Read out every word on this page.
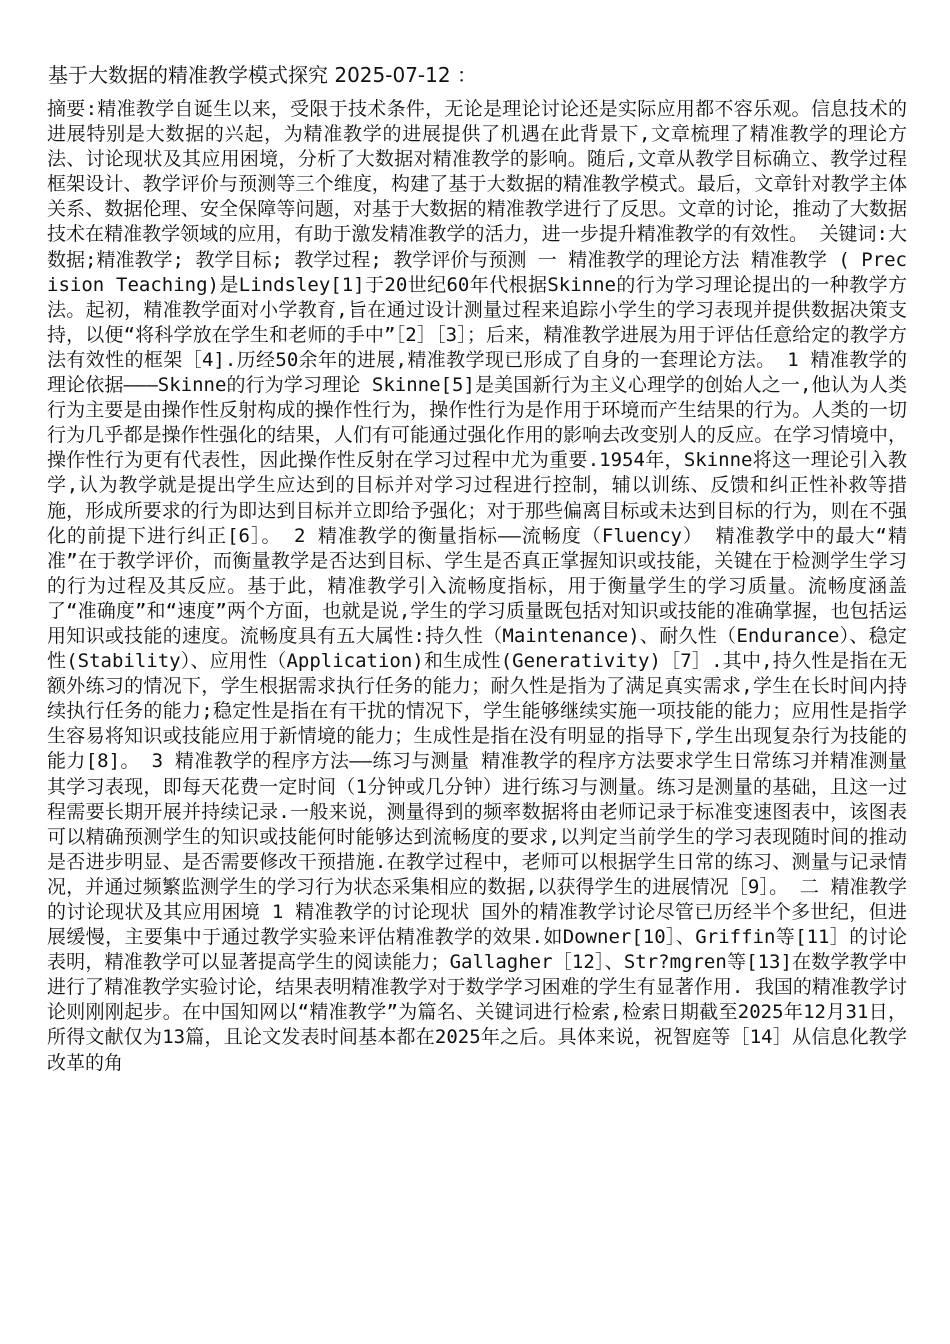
基于大数据的精准教学模式探究 2025-07-12 ：

摘要:精准教学自诞生以来，受限于技术条件，无论是理论讨论还是实际应用都不容乐观。信息技术的进展特别是大数据的兴起，为精准教学的进展提供了机遇在此背景下,文章梳理了精准教学的理论方法、讨论现状及其应用困境，分析了大数据对精准教学的影响。随后,文章从教学目标确立、教学过程框架设计、教学评价与预测等三个维度，构建了基于大数据的精准教学模式。最后，文章针对教学主体关系、数据伦理、安全保障等问题，对基于大数据的精准教学进行了反思。文章的讨论，推动了大数据技术在精准教学领域的应用，有助于激发精准教学的活力，进一步提升精准教学的有效性。 关键词:大数据;精准教学; 教学目标; 教学过程; 教学评价与预测 一 精准教学的理论方法 精准教学 ( Precision Teaching)是Lindsley[1]于20世纪60年代根据Skinne的行为学习理论提出的一种教学方法。起初，精准教学面对小学教育,旨在通过设计测量过程来追踪小学生的学习表现并提供数据决策支持，以便“将科学放在学生和老师的手中”［2］［3］；后来，精准教学进展为用于评估任意给定的教学方法有效性的框架［4].历经50余年的进展,精准教学现已形成了自身的一套理论方法。 1 精准教学的理论依据———Skinne的行为学习理论 Skinne[5]是美国新行为主义心理学的创始人之一,他认为人类行为主要是由操作性反射构成的操作性行为，操作性行为是作用于环境而产生结果的行为。人类的一切行为几乎都是操作性强化的结果，人们有可能通过强化作用的影响去改变别人的反应。在学习情境中，操作性行为更有代表性，因此操作性反射在学习过程中尤为重要.1954年，Skinne将这一理论引入教学,认为教学就是提出学生应达到的目标并对学习过程进行控制，辅以训练、反馈和纠正性补救等措施，形成所要求的行为即达到目标并立即给予强化；对于那些偏离目标或未达到目标的行为，则在不强化的前提下进行纠正[6］。 2 精准教学的衡量指标——流畅度（Fluency） 精准教学中的最大“精准”在于教学评价，而衡量教学是否达到目标、学生是否真正掌握知识或技能，关键在于检测学生学习的行为过程及其反应。基于此，精准教学引入流畅度指标，用于衡量学生的学习质量。流畅度涵盖了“准确度”和“速度”两个方面，也就是说,学生的学习质量既包括对知识或技能的准确掌握，也包括运用知识或技能的速度。流畅度具有五大属性:持久性（Maintenance)、耐久性（Endurance）、稳定性(Stability）、应用性（Application)和生成性(Generativity)［7］.其中,持久性是指在无额外练习的情况下，学生根据需求执行任务的能力；耐久性是指为了满足真实需求,学生在长时间内持续执行任务的能力;稳定性是指在有干扰的情况下，学生能够继续实施一项技能的能力；应用性是指学生容易将知识或技能应用于新情境的能力；生成性是指在没有明显的指导下,学生出现复杂行为技能的能力[8]。 3 精准教学的程序方法——练习与测量 精准教学的程序方法要求学生日常练习并精准测量其学习表现，即每天花费一定时间（1分钟或几分钟）进行练习与测量。练习是测量的基础，且这一过程需要长期开展并持续记录.一般来说，测量得到的频率数据将由老师记录于标准变速图表中，该图表可以精确预测学生的知识或技能何时能够达到流畅度的要求,以判定当前学生的学习表现随时间的推动是否进步明显、是否需要修改干预措施.在教学过程中，老师可以根据学生日常的练习、测量与记录情况，并通过频繁监测学生的学习行为状态采集相应的数据,以获得学生的进展情况［9］。 二 精准教学的讨论现状及其应用困境 1 精准教学的讨论现状 国外的精准教学讨论尽管已历经半个多世纪，但进展缓慢，主要集中于通过教学实验来评估精准教学的效果.如Downer[10］、Griffin等[11］的讨论表明，精准教学可以显著提高学生的阅读能力；Gallagher［12］、Str?mgren等[13]在数学教学中进行了精准教学实验讨论，结果表明精准教学对于数学学习困难的学生有显著作用. 我国的精准教学讨论则刚刚起步。在中国知网以“精准教学”为篇名、关键词进行检索,检索日期截至2025年12月31日，所得文献仅为13篇，且论文发表时间基本都在2025年之后。具体来说，祝智庭等［14］从信息化教学改革的角
